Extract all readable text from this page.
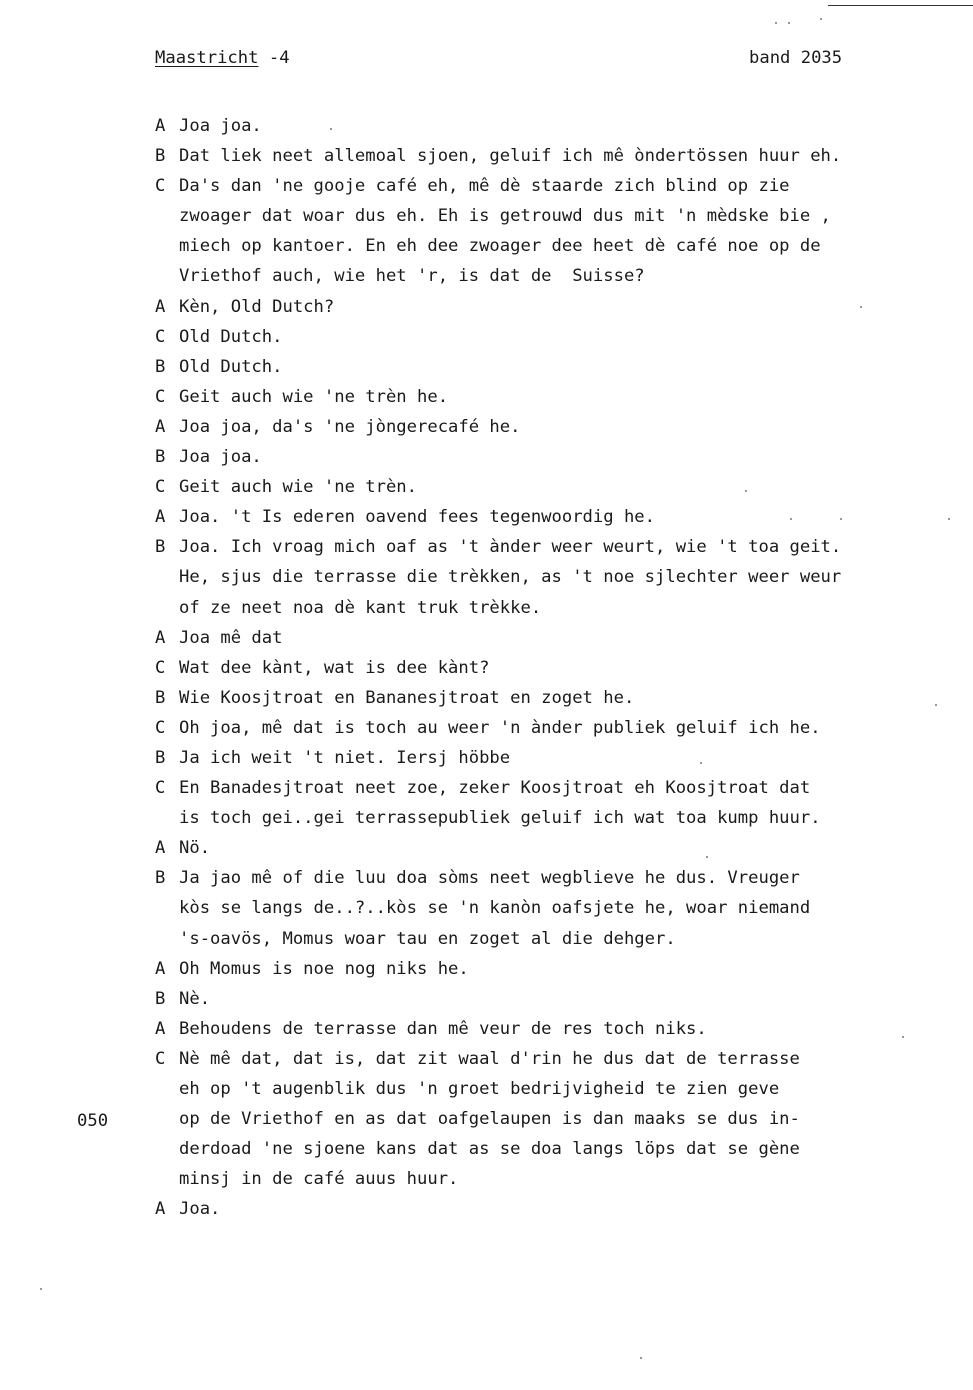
Maastricht -4	band 2035
050
A Joa joa.
B Dat liek neet allemoal sjoen, geluif ich mê òndertössen huur eh.
C Da's dan 'ne gooje café eh, mê dè staarde zich blind op zie
zwoager dat woar dus eh. Eh is getrouwd dus mit 'n mèdske bie ,
miech op kantoer. En eh dee zwoager dee heet dè café noe op de
Vriethof auch, wie het 'r, is dat de  Suisse?
A Kèn, Old Dutch?
C Old Dutch.
B Old Dutch.
C Geit auch wie 'ne trèn he.
A Joa joa, da's 'ne jòngerecafé he.
B Joa joa.
C Geit auch wie 'ne trèn.
A Joa. 't Is ederen oavend fees tegenwoordig he.
B Joa. Ich vroag mich oaf as 't ànder weer weurt, wie 't toa geit.
He, sjus die terrasse die trèkken, as 't noe sjlechter weer weur
of ze neet noa dè kant truk trèkke.
A Joa mê dat
C Wat dee kànt, wat is dee kànt?
B Wie Koosjtroat en Bananesjtroat en zoget he.
C Oh joa, mê dat is toch au weer 'n ànder publiek geluif ich he.
B Ja ich weit 't niet. Iersj höbbe
C En Banadesjtroat neet zoe, zeker Koosjtroat eh Koosjtroat dat
is toch gei..gei terrassepubliek geluif ich wat toa kump huur.
A Nö.
B Ja jao mê of die luu doa sòms neet wegblieve he dus. Vreuger
kòs se langs de..?..kòs se 'n kanòn oafsjete he, woar niemand
's-oavös, Momus woar tau en zoget al die dehger.
A Oh Momus is noe nog niks he.
B Nè.
A Behoudens de terrasse dan mê veur de res toch niks.
C Nè mê dat, dat is, dat zit waal d'rin he dus dat de terrasse
eh op 't augenblik dus 'n groet bedrijvigheid te zien geve
op de Vriethof en as dat oafgelaupen is dan maaks se dus in-
derdoad 'ne sjoene kans dat as se doa langs löps dat se gène
minsj in de café auus huur.
A Joa.
